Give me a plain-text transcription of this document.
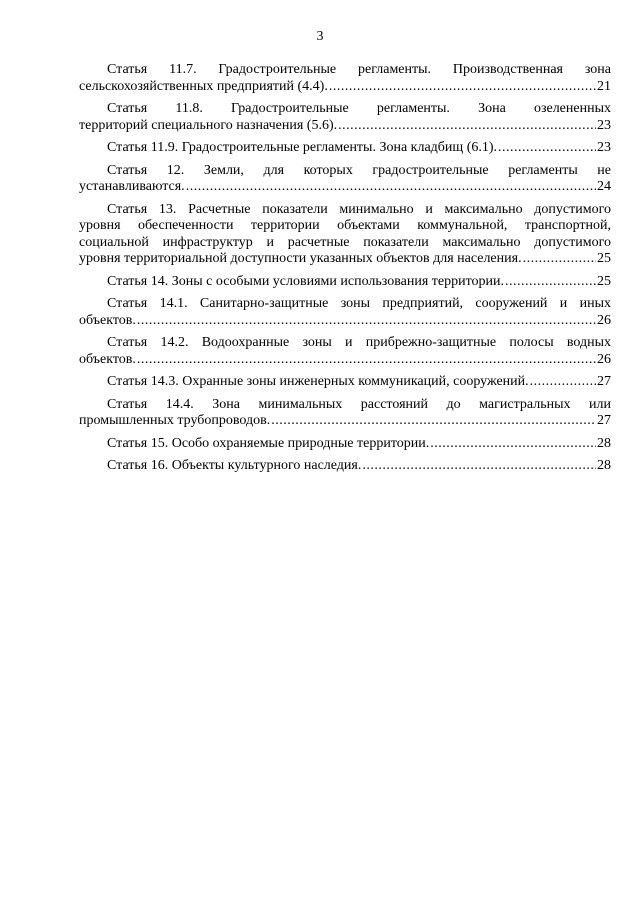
3
Статья 11.7. Градостроительные регламенты. Производственная зона
сельскохозяйственных предприятий (4.4). .....	21
Статья 11.8. Градостроительные регламенты. Зона озелененных
территорий специального назначения (5.6). .....	23
Статья 11.9. Градостроительные регламенты. Зона кладбищ (6.1). .....	23
Статья 12. Земли, для которых градостроительные регламенты не
устанавливаются. .....	24
Статья 13. Расчетные показатели минимально и максимально допустимого
уровня обеспеченности территории объектами коммунальной, транспортной,
социальной инфраструктур и расчетные показатели максимально допустимого
уровня территориальной доступности указанных объектов для населения. .....	25
Статья 14. Зоны с особыми условиями использования территории. .....	25
Статья 14.1. Санитарно-защитные зоны предприятий, сооружений и иных
объектов. .....	26
Статья 14.2. Водоохранные зоны и прибрежно-защитные полосы водных
объектов. .....	26
Статья 14.3. Охранные зоны инженерных коммуникаций, сооружений. .....	27
Статья 14.4. Зона минимальных расстояний до магистральных или
промышленных трубопроводов. .....	27
Статья 15. Особо охраняемые природные территории. .....	28
Статья 16. Объекты культурного наследия. .....	28
